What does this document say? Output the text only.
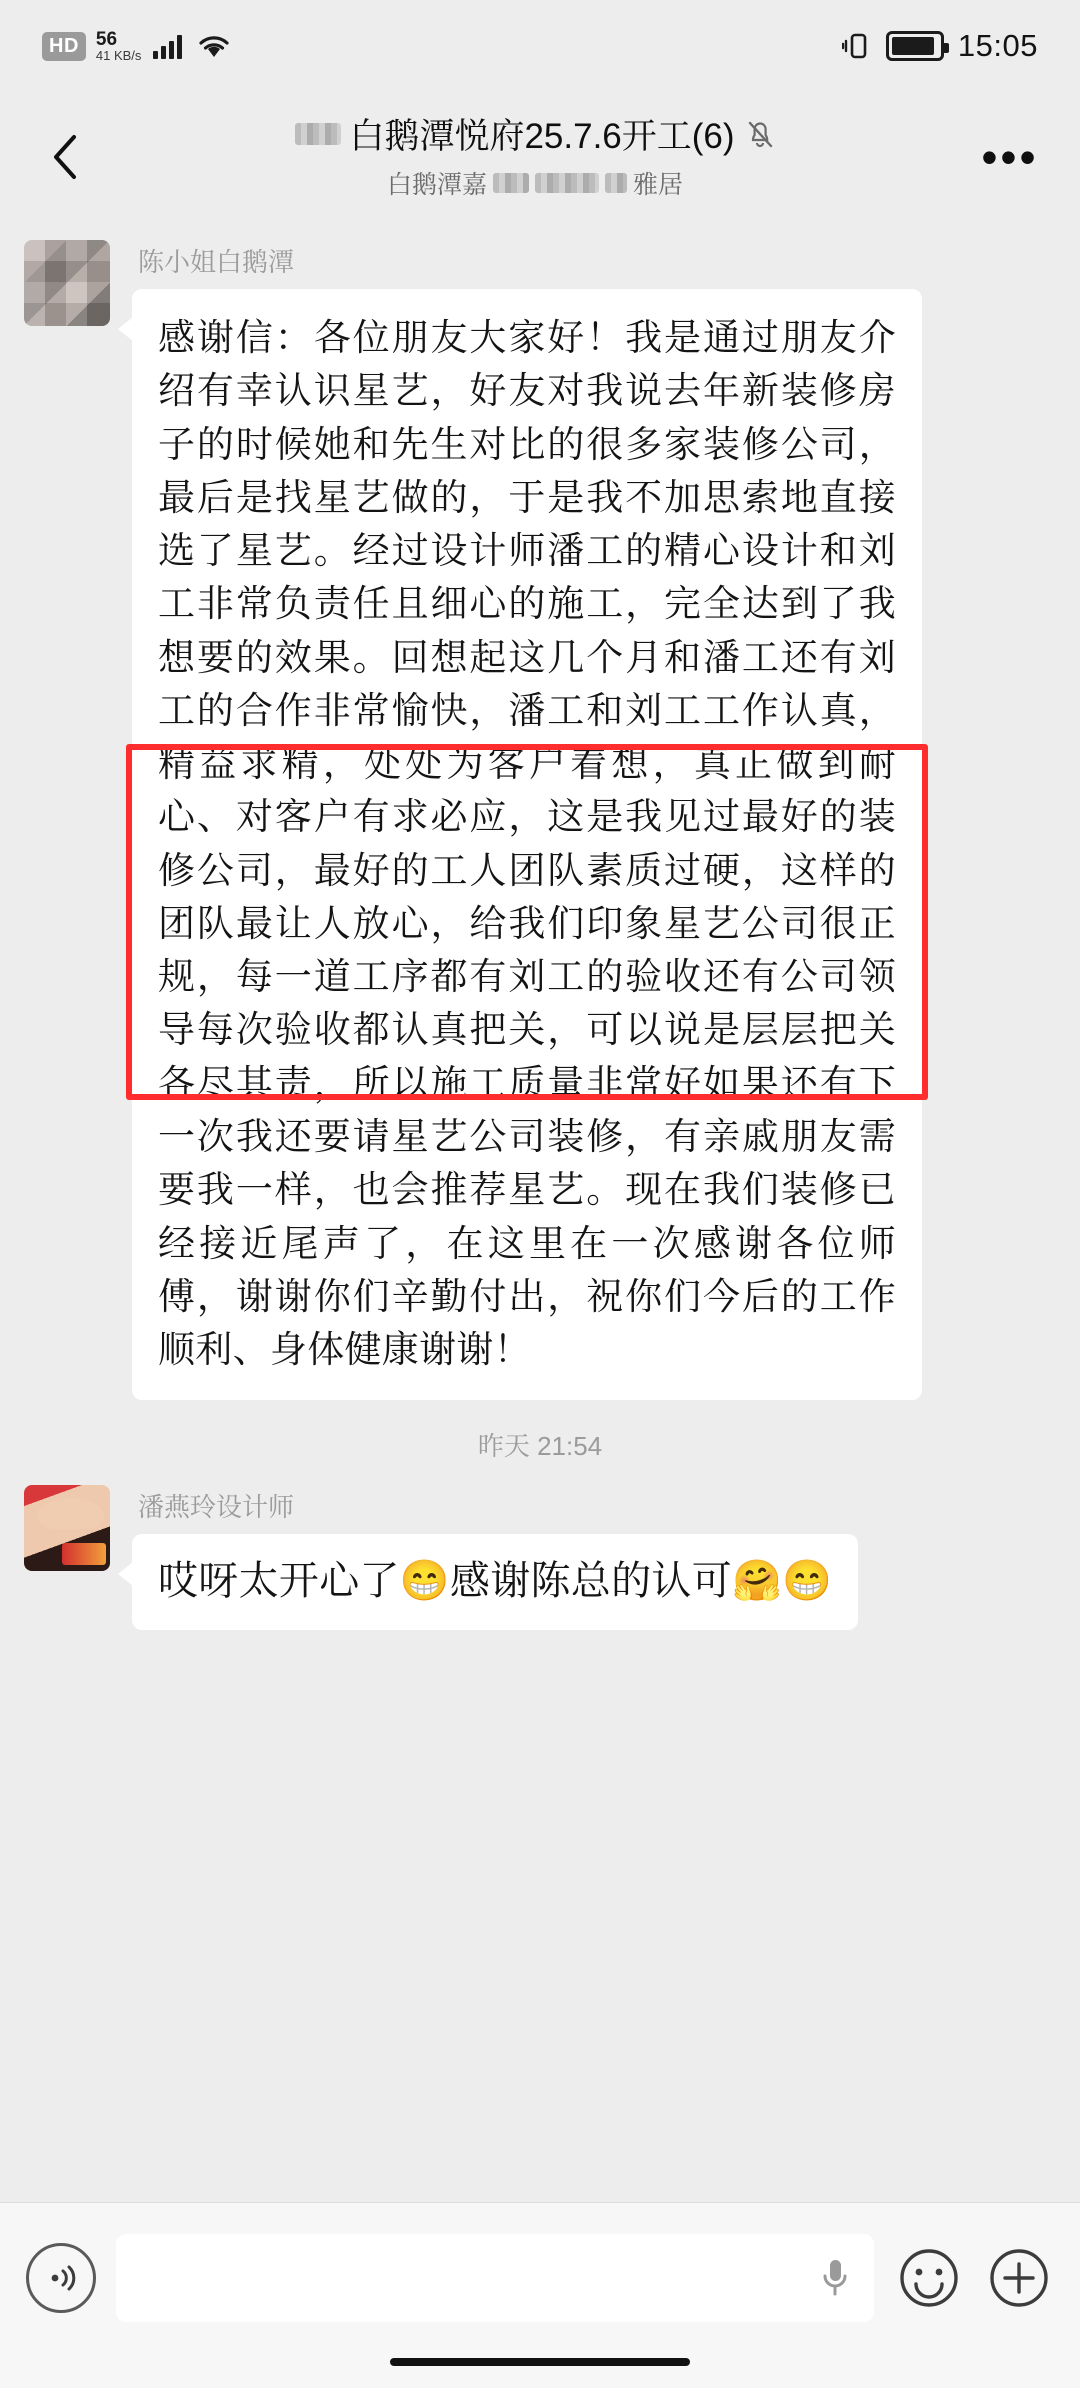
HD 56
41 KB/s	15:05
白鹅潭悦府25.7.6开工(6)
白鹅潭嘉	雅居
•••
陈小姐白鹅潭

感谢信：各位朋友大家好！我是通过朋友介绍有幸认识星艺，好友对我说去年新装修房子的时候她和先生对比的很多家装修公司，最后是找星艺做的，于是我不加思索地直接选了星艺。经过设计师潘工的精心设计和刘工非常负责任且细心的施工，完全达到了我想要的效果。回想起这几个月和潘工还有刘工的合作非常愉快，潘工和刘工工作认真，精益求精，处处为客户着想，真正做到耐心、对客户有求必应，这是我见过最好的装修公司，最好的工人团队素质过硬，这样的团队最让人放心，给我们印象星艺公司很正规，每一道工序都有刘工的验收还有公司领导每次验收都认真把关，可以说是层层把关各尽其责，所以施工质量非常好如果还有下一次我还要请星艺公司装修，有亲戚朋友需要我一样，也会推荐星艺。现在我们装修已经接近尾声了，在这里在一次感谢各位师傅，谢谢你们辛勤付出，祝你们今后的工作顺利、身体健康谢谢！

昨天 21:54
潘燕玲设计师

哎呀太开心了😁感谢陈总的认可🤗😁
